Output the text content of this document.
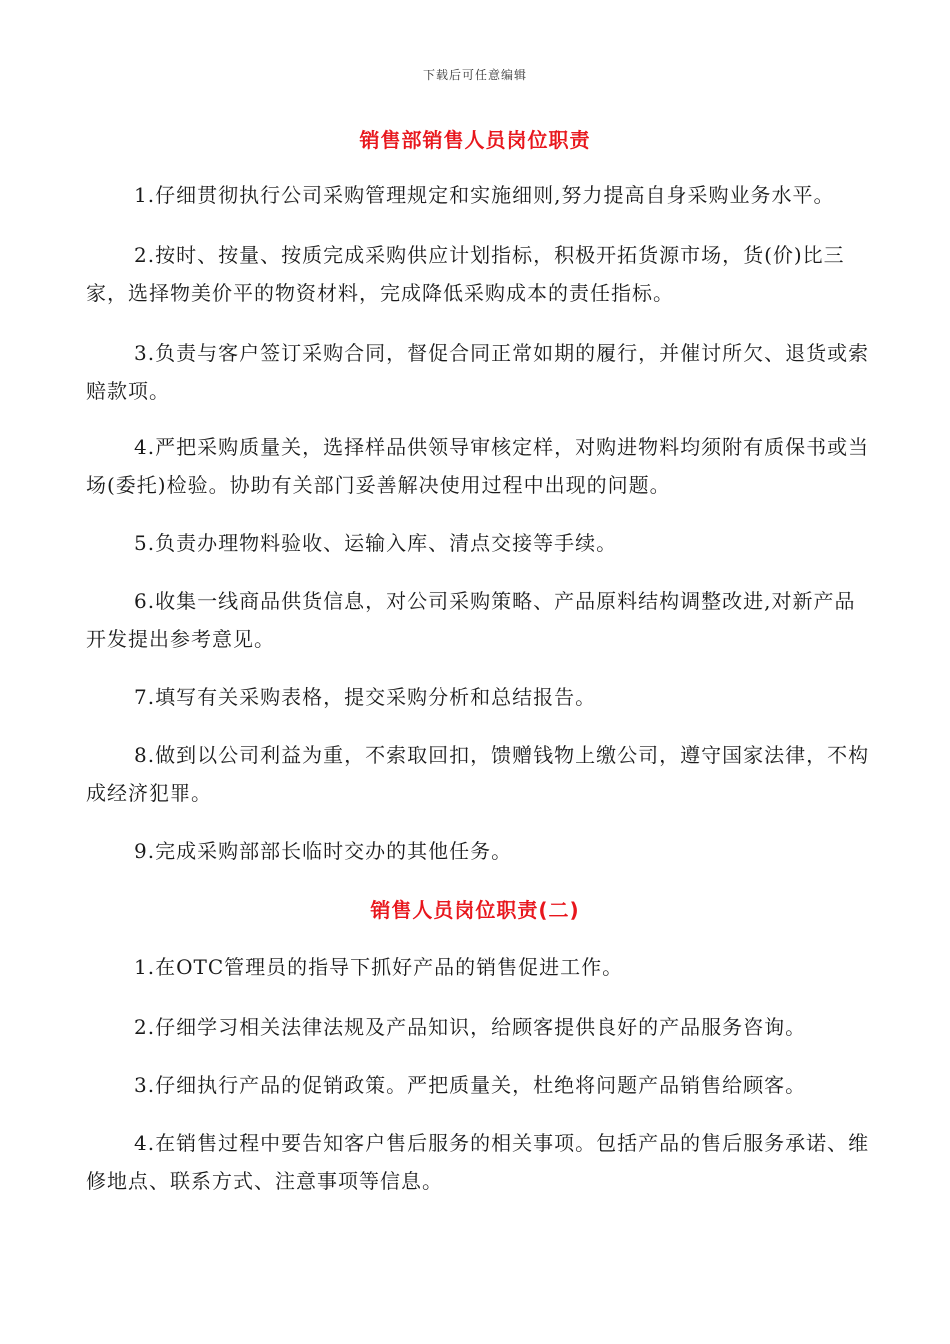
下载后可任意编辑
销售部销售人员岗位职责
1.仔细贯彻执行公司采购管理规定和实施细则,努力提高自身采购业务水平。
2.按时、按量、按质完成采购供应计划指标，积极开拓货源市场，货(价)比三家，选择物美价平的物资材料，完成降低采购成本的责任指标。
3.负责与客户签订采购合同，督促合同正常如期的履行，并催讨所欠、退货或索赔款项。
4.严把采购质量关，选择样品供领导审核定样，对购进物料均须附有质保书或当场(委托)检验。协助有关部门妥善解决使用过程中出现的问题。
5.负责办理物料验收、运输入库、清点交接等手续。
6.收集一线商品供货信息，对公司采购策略、产品原料结构调整改进,对新产品开发提出参考意见。
7.填写有关采购表格，提交采购分析和总结报告。
8.做到以公司利益为重，不索取回扣，馈赠钱物上缴公司，遵守国家法律，不构成经济犯罪。
9.完成采购部部长临时交办的其他任务。
销售人员岗位职责(二)
1.在OTC管理员的指导下抓好产品的销售促进工作。
2.仔细学习相关法律法规及产品知识，给顾客提供良好的产品服务咨询。
3.仔细执行产品的促销政策。严把质量关，杜绝将问题产品销售给顾客。
4.在销售过程中要告知客户售后服务的相关事项。包括产品的售后服务承诺、维修地点、联系方式、注意事项等信息。
